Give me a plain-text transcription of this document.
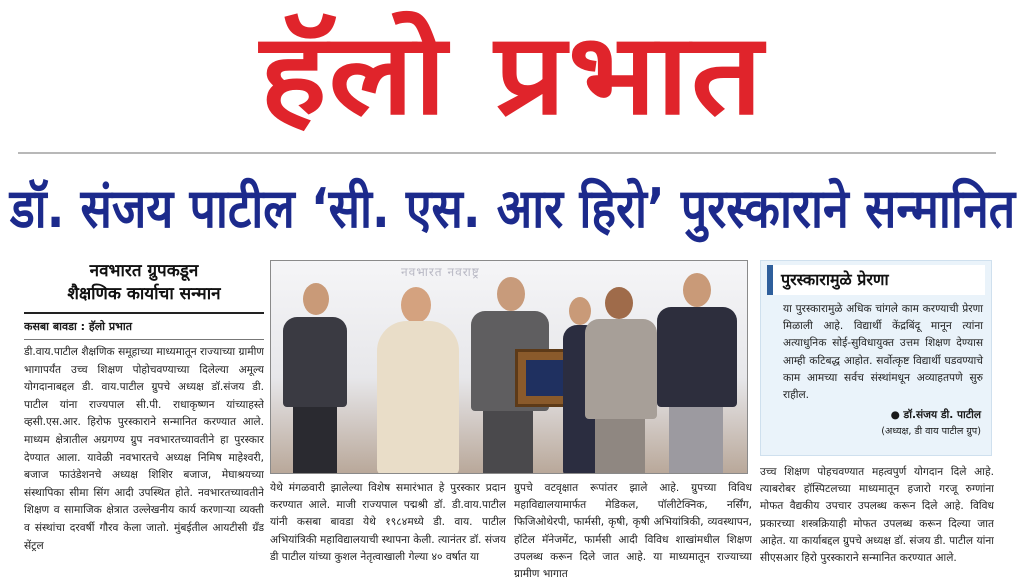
हॅलो प्रभात
डॉ. संजय पाटील ‘सी. एस. आर हिरो’ पुरस्काराने सन्मानित
नवभारत ग्रुपकडून
शैक्षणिक कार्याचा सन्मान
कसबा बावडा : हॅलो प्रभात
डी.वाय.पाटील शैक्षणिक समूहाच्या माध्यमातून राज्याच्या ग्रामीण भागापर्यंत उच्च शिक्षण पोहोचवण्याच्या दिलेल्या अमूल्य योगदानाबद्दल डी. वाय.पाटील ग्रुपचे अध्यक्ष डॉ.संजय डी. पाटील यांना राज्यपाल सी.पी. राधाकृष्णन यांच्याहस्ते व्हसी.एस.आर. हिरोफ पुरस्काराने सन्मानित करण्यात आले. माध्यम क्षेत्रातील अग्रगण्य ग्रुप नवभारतच्यावतीने हा पुरस्कार देण्यात आला. यावेळी नवभारतचे अध्यक्ष निमिष माहेश्वरी, बजाज फाउंडेशनचे अध्यक्ष शिशिर बजाज, मेघाश्रयच्या संस्थापिका सीमा सिंग आदी उपस्थित होते. नवभारतच्यावतीने शिक्षण व सामाजिक क्षेत्रात उल्लेखनीय कार्य करणाऱ्या व्यक्ती व संस्थांचा दरवर्षी गौरव केला जातो. मुंबईतील आयटीसी ग्रँड सेंट्रल
नवभारत नवराष्ट्र	पुरस्कारामुळे प्रेरणा
या पुरस्कारामुळे अधिक चांगले काम करण्याची प्रेरणा मिळाली आहे. विद्यार्थी केंद्रबिंदू मानून त्यांना अत्याधुनिक सोई-सुविधायुक्त उत्तम शिक्षण देण्यास आम्ही कटिबद्ध आहोत. सर्वोत्कृष्ट विद्यार्थी घडवण्याचे काम आमच्या सर्वच संस्थांमधून अव्याहतपणे सुरु राहील.
● डॉ.संजय डी. पाटील
(अध्यक्ष, डी वाय पाटील ग्रुप)
येथे मंगळवारी झालेल्या विशेष समारंभात हे पुरस्कार प्रदान करण्यात आले. माजी राज्यपाल पद्मश्री डॉ. डी.वाय.पाटील यांनी कसबा बावडा येथे १९८४मध्ये डी. वाय. पाटील अभियांत्रिकी महाविद्यालयाची स्थापना केली. त्यानंतर डॉ. संजय डी पाटील यांच्या कुशल नेतृत्वाखाली गेल्या ४० वर्षात या
ग्रुपचे वटवृक्षात रूपांतर झाले आहे. ग्रुपच्या विविध महाविद्यालयामार्फत मेडिकल, पॉलीटेक्निक, नर्सिंग, फिजिओथेरपी, फार्मसी, कृषी, कृषी अभियांत्रिकी, व्यवस्थापन, हॉटेल मॅनेजमेंट, फार्मसी आदी विविध शाखांमधील शिक्षण उपलब्ध करून दिले जात आहे. या माध्यमातून राज्याच्या ग्रामीण भागात
उच्च शिक्षण पोहचवण्यात महत्वपुर्ण योगदान दिले आहे. त्याबरोबर हॉस्पिटलच्या माध्यमातून हजारो गरजू रुग्णांना मोफत वैद्यकीय उपचार उपलब्ध करून दिले आहे. विविध प्रकारच्या शस्त्रक्रियाही मोफत उपलब्ध करून दिल्या जात आहेत. या कार्याबद्दल ग्रुपचे अध्यक्ष डॉ. संजय डी. पाटील यांना सीएसआर हिरो पुरस्काराने सन्मानित करण्यात आले.
